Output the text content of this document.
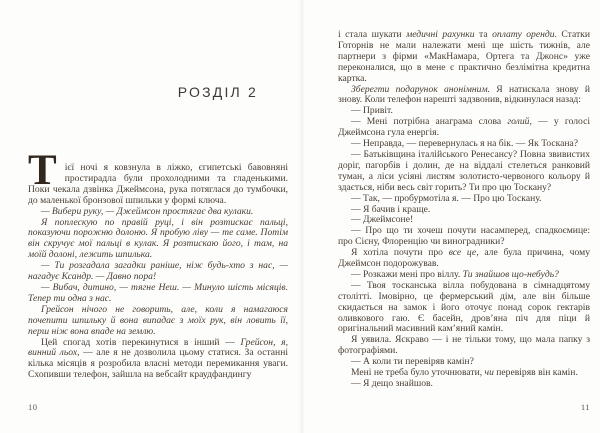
РОЗДІЛ 2

Тієї ночі я ковзнула в ліжко, єгипетські бавовняні простирадла були прохолодними та гладенькими. Поки чекала дзвінка Джеймсона, рука потяглася до тумбочки, до маленької бронзової шпильки у формі ключа.

— Вибери руку, — Джеймсон простягає два кулаки.

Я поплескую по правій руці, і він розтискає пальці, показуючи порожню долоню. Я пробую ліву — те саме. Потім він скручує мої пальці в кулак. Я розтискаю його, і там, на моїй долоні, лежить шпилька.

— Ти розгадала загадки раніше, ніж будь-хто з нас, — нагадує Ксандр. — Давно пора!

— Вибач, дитино, — тягне Неш. — Минуло шість місяців. Тепер ти одна з нас.

Грейсон нічого не говорить, але, коли я намагаюся почепити шпильку й вона випадає з моїх рук, він ловить її, перш ніж вона впаде на землю.

Цей спогад хотів перекинутися в інший — Грейсон, я, винний льох, — але я не дозволила цьому статися. За останні кілька місяців я розробила власні методи перемикання уваги. Схопивши телефон, зайшла на вебсайт краудфандингу

10

і стала шукати медичні рахунки та оплату оренди. Статки Готорнів не мали належати мені ще шість тижнів, але партнери з фірми «МакНамара, Ортега та Джонс» уже переконалися, що в мене є практично безлімітна кредитна картка.

Зберегти подарунок анонімним. Я натискала знову й знову. Коли телефон нарешті задзвонив, відкинулася назад:

— Привіт.

— Мені потрібна анаграма слова голий, — у голосі Джеймсона гула енергія.

— Неправда, — перевернулась я на бік. — Як Тоскана?

— Батьківщина італійського Ренесансу? Повна звивистих доріг, пагорбів і долин, де на віддалі стелеться ранковий туман, а ліси усіяні листям золотисто-червоного кольору й здається, ніби весь світ горить? Ти про цю Тоскану?

— Так, — пробурмотіла я. — Про цю Тоскану.

— Я бачив і краще.

— Джеймсоне!

— Про що ти хочеш почути насамперед, спадкоємице: про Сієну, Флоренцію чи виноградники?

Я хотіла почути про все це, але була причина, чому Джеймсон подорожував.

— Розкажи мені про віллу. Ти знайшов що-небудь?

— Твоя тосканська вілла побудована в сімнадцятому столітті. Імовірно, це фермерський дім, але він більше скидається на замок і його оточує понад сорок гектарів оливкового гаю. Є басейн, дровʼяна піч для піци й оригінальний масивний камʼяний камін.

Я уявила. Яскраво — і не тільки тому, що мала папку з фотографіями.

— А коли ти перевіряв камін?

Мені не треба було уточнювати, чи перевіряв він камін.

— Я дещо знайшов.

11
